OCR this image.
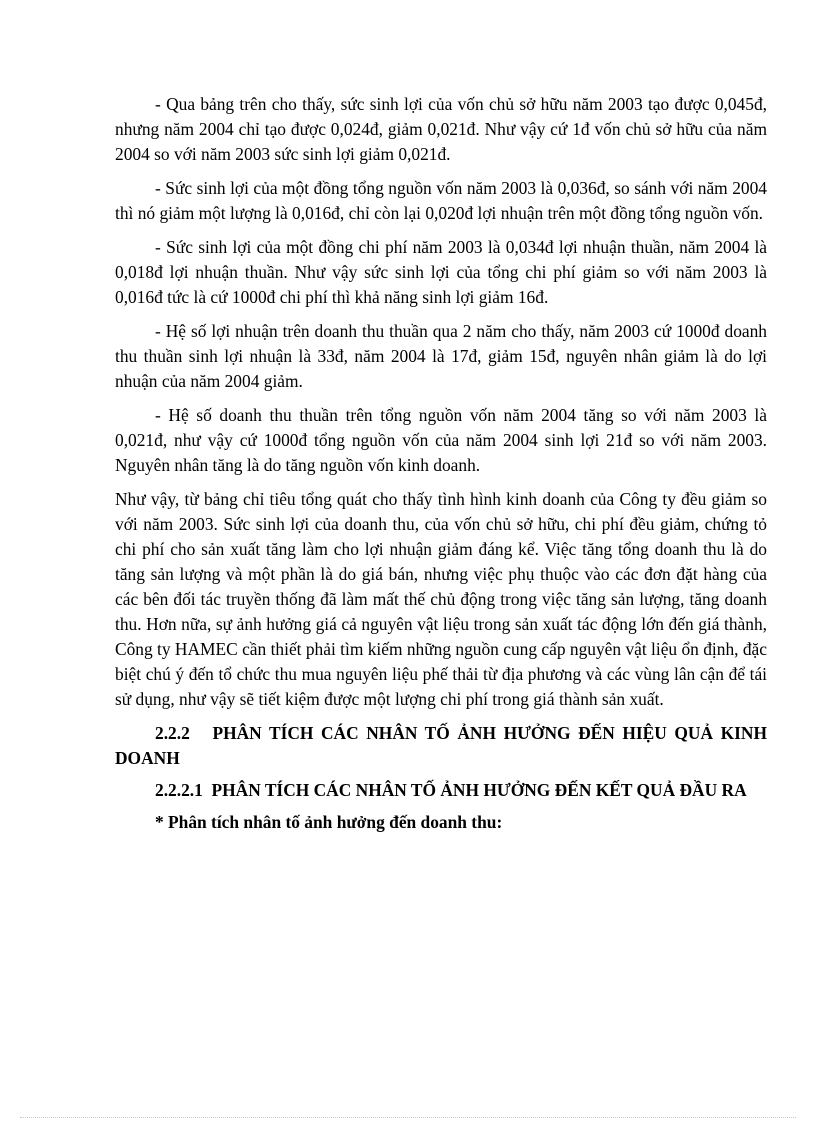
- Qua bảng trên cho thấy, sức sinh lợi của vốn chủ sở hữu năm 2003 tạo được 0,045đ, nhưng năm 2004 chỉ tạo được 0,024đ, giảm 0,021đ. Như vậy cứ 1đ vốn chủ sở hữu của năm 2004 so với năm 2003 sức sinh lợi giảm 0,021đ.

- Sức sinh lợi của một đồng tổng nguồn vốn năm 2003 là 0,036đ, so sánh với năm 2004 thì nó giảm một lượng là 0,016đ, chỉ còn lại 0,020đ lợi nhuận trên một đồng tổng nguồn vốn.

- Sức sinh lợi của một đồng chi phí năm 2003 là 0,034đ lợi nhuận thuần, năm 2004 là 0,018đ lợi nhuận thuần. Như vậy sức sinh lợi của tổng chi phí giảm so với năm 2003 là 0,016đ tức là cứ 1000đ chi phí thì khả năng sinh lợi giảm 16đ.

- Hệ số lợi nhuận trên doanh thu thuần qua 2 năm cho thấy, năm 2003 cứ 1000đ doanh thu thuần sinh lợi nhuận là 33đ, năm 2004 là 17đ, giảm 15đ, nguyên nhân giảm là do lợi nhuận của năm 2004 giảm.

- Hệ số doanh thu thuần trên tổng nguồn vốn năm 2004 tăng so với năm 2003 là 0,021đ, như vậy cứ 1000đ tổng nguồn vốn của năm 2004 sinh lợi 21đ so với năm 2003. Nguyên nhân tăng là do tăng nguồn vốn kinh doanh.

Như vậy, từ bảng chỉ tiêu tổng quát cho thấy tình hình kinh doanh của Công ty đều giảm so với năm 2003. Sức sinh lợi của doanh thu, của vốn chủ sở hữu, chi phí đều giảm, chứng tỏ chi phí cho sản xuất tăng làm cho lợi nhuận giảm đáng kể. Việc tăng tổng doanh thu là do tăng sản lượng và một phần là do giá bán, nhưng việc phụ thuộc vào các đơn đặt hàng của các bên đối tác truyền thống đã làm mất thế chủ động trong việc tăng sản lượng, tăng doanh thu. Hơn nữa, sự ảnh hưởng giá cả nguyên vật liệu trong sản xuất tác động lớn đến giá thành, Công ty HAMEC cần thiết phải tìm kiếm những nguồn cung cấp nguyên vật liệu ổn định, đặc biệt chú ý đến tổ chức thu mua nguyên liệu phế thải từ địa phương và các vùng lân cận để tái sử dụng, như vậy sẽ tiết kiệm được một lượng chi phí trong giá thành sản xuất.

2.2.2   PHÂN TÍCH CÁC NHÂN TỐ ẢNH HƯỞNG ĐẾN HIỆU QUẢ KINH DOANH

2.2.2.1  PHÂN TÍCH CÁC NHÂN TỐ ẢNH HƯỞNG ĐẾN KẾT QUẢ ĐẦU RA

* Phân tích nhân tố ảnh hưởng đến doanh thu:
